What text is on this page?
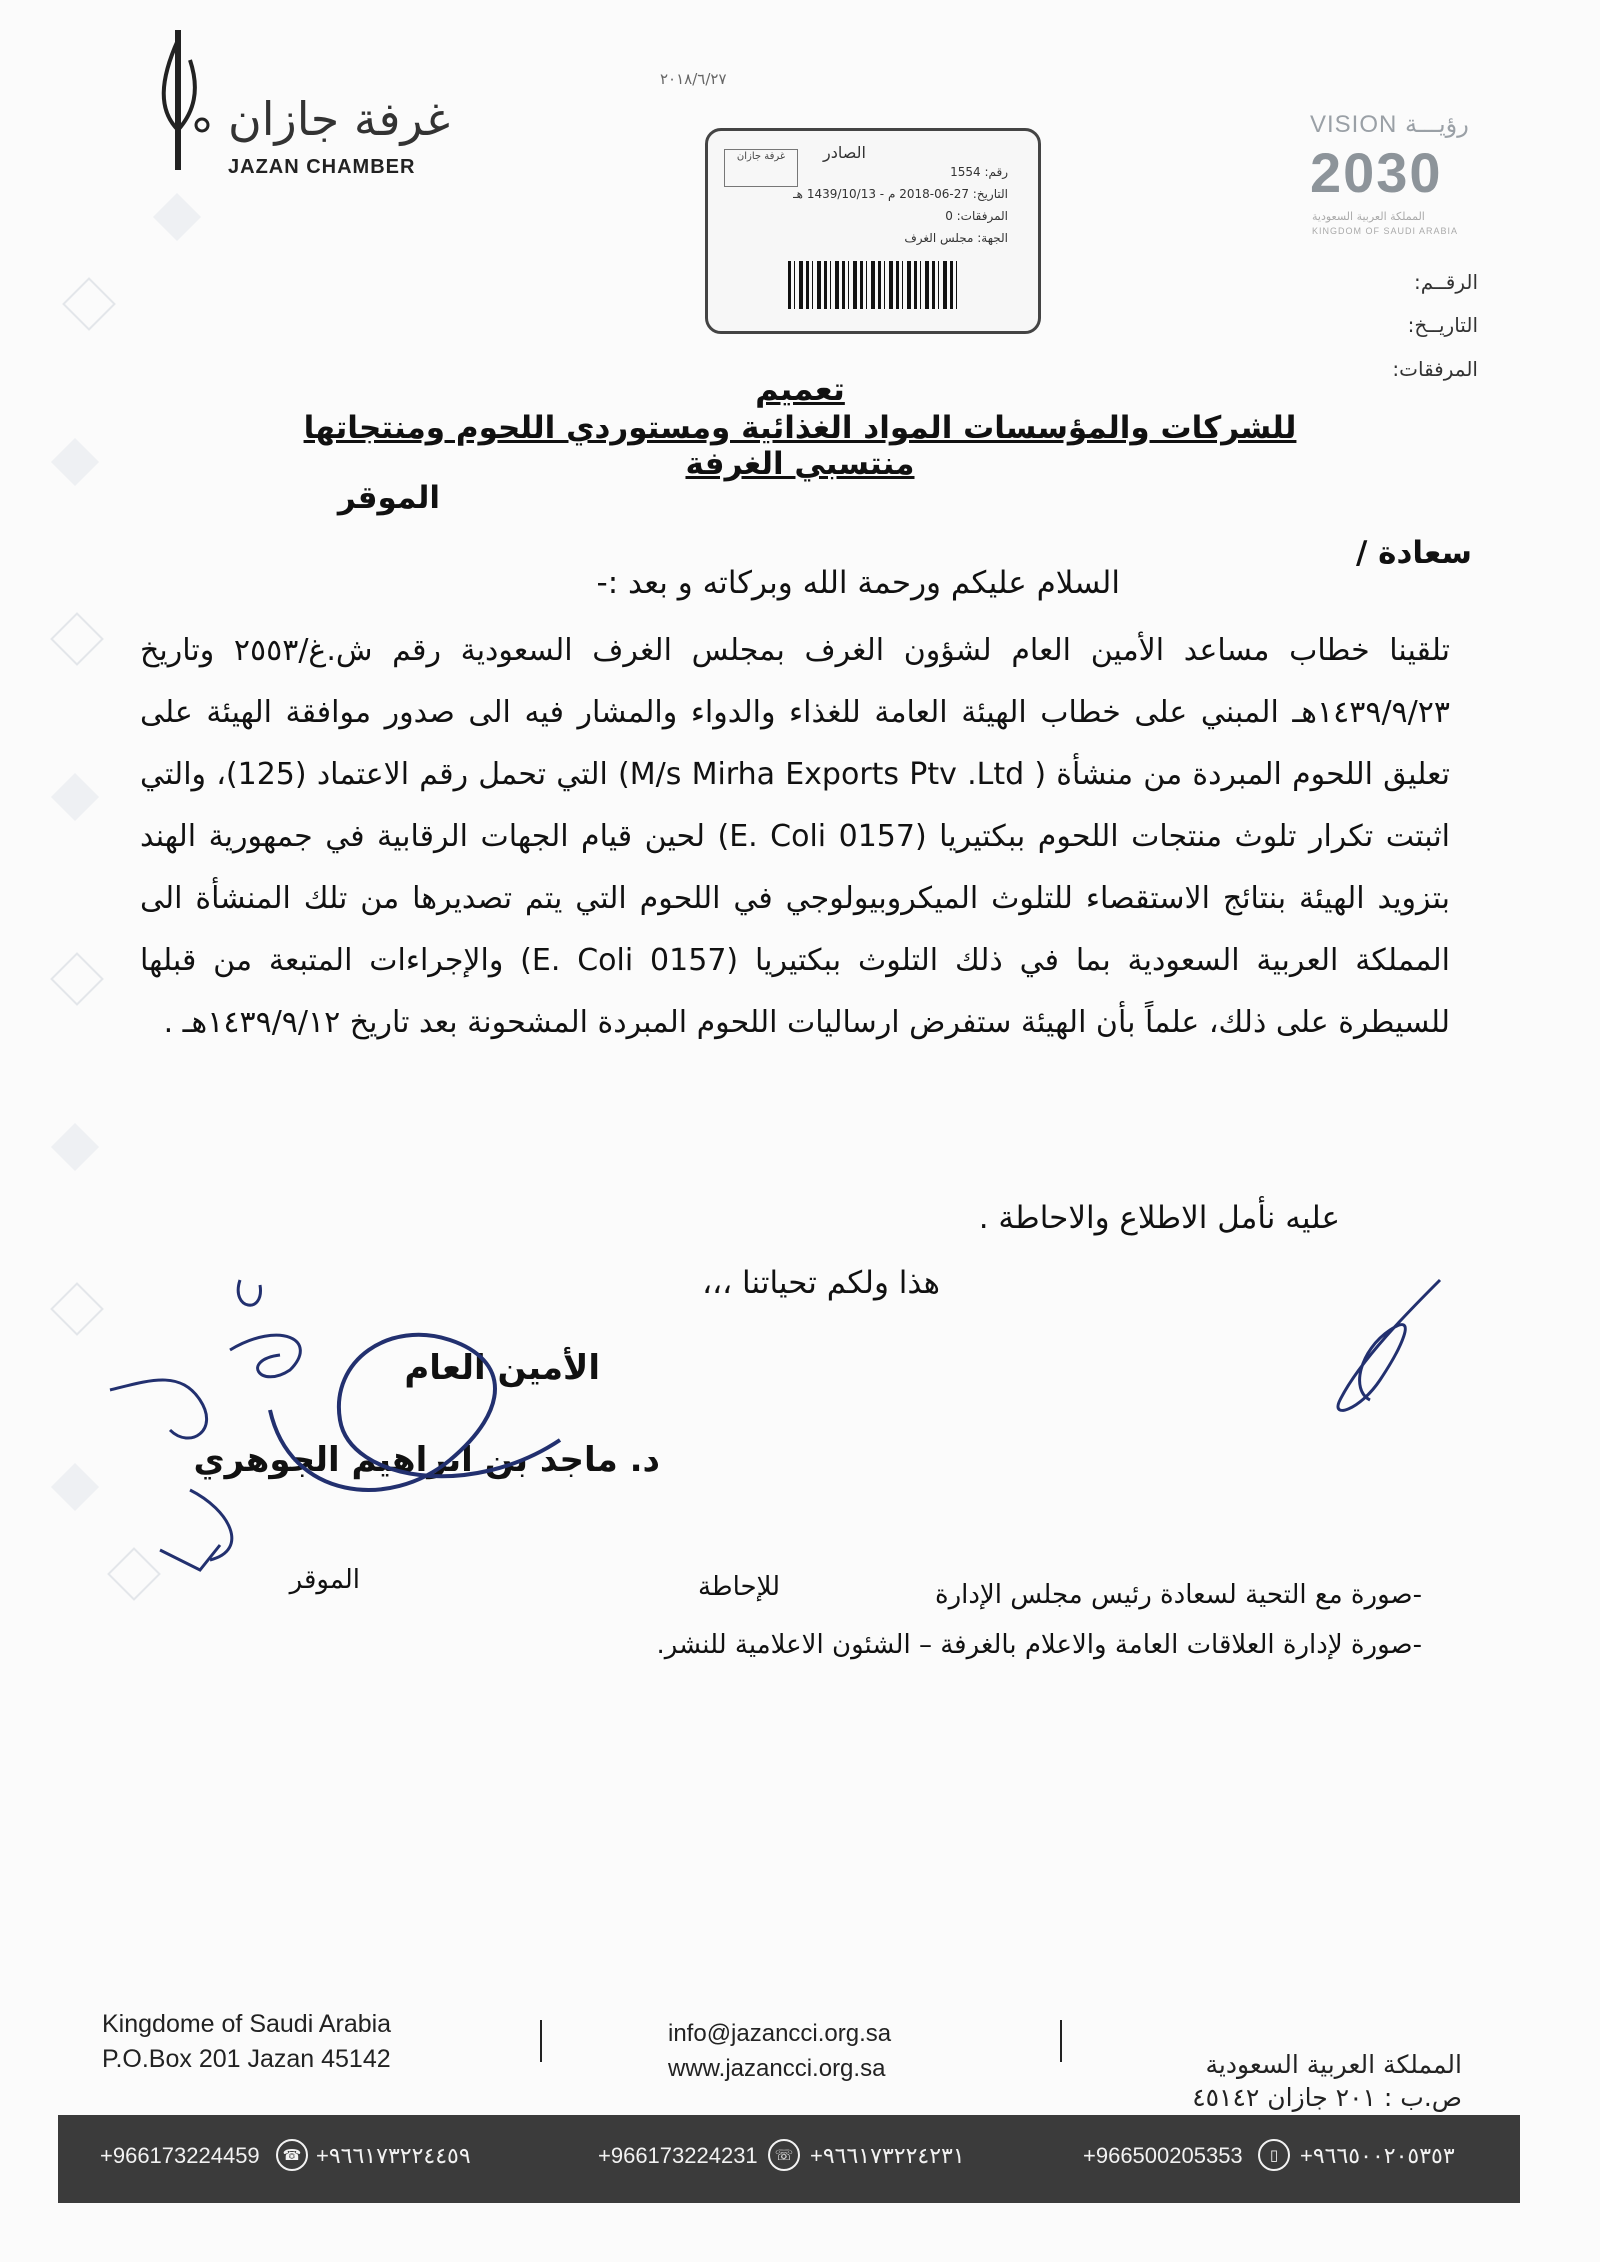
غرفة جازان
JAZAN CHAMBER
٢٠١٨/٦/٢٧
غرفة جازان	الصادر
رقم: 1554
التاريخ: 27-06-2018 م - 1439/10/13 هـ
المرفقات: 0
الجهة: مجلس الغرف
VISION رؤيـــة
2030
المملكة العربية السعودية
KINGDOM OF SAUDI ARABIA
الرقــم:
التاريــخ:
المرفقات:
تعميم
للشركات والمؤسسات المواد الغذائية ومستوردي اللحوم ومنتجاتها منتسبي الغرفة
الموقر
سعادة /
السلام عليكم ورحمة الله وبركاته و بعد :-
تلقينا خطاب مساعد الأمين العام لشؤون الغرف بمجلس الغرف السعودية رقم ش.غ/٢٥٥٣ وتاريخ ١٤٣٩/٩/٢٣هـ المبني على خطاب الهيئة العامة للغذاء والدواء والمشار فيه الى صدور موافقة الهيئة على تعليق اللحوم المبردة من منشأة ( M/s Mirha Exports Ptv .Ltd) التي تحمل رقم الاعتماد (125)، والتي اثبتت تكرار تلوث منتجات اللحوم ببكتيريا (E. Coli 0157) لحين قيام الجهات الرقابية في جمهورية الهند بتزويد الهيئة بنتائج الاستقصاء للتلوث الميكروبيولوجي في اللحوم التي يتم تصديرها من تلك المنشأة الى المملكة العربية السعودية بما في ذلك التلوث ببكتيريا (E. Coli 0157) والإجراءات المتبعة من قبلها للسيطرة على ذلك، علماً بأن الهيئة ستفرض ارساليات اللحوم المبردة المشحونة بعد تاريخ ١٤٣٩/٩/١٢هـ .
عليه نأمل الاطلاع والاحاطة .
هذا ولكم تحياتنا ،،،
الأمين العام
د. ماجد بن ابراهيم الجوهري
-صورة مع التحية لسعادة رئيس مجلس الإدارة
للإحاطة
الموقر
-صورة لإدارة العلاقات العامة والاعلام بالغرفة – الشئون الاعلامية للنشر.
Kingdome of Saudi Arabia
P.O.Box 201 Jazan 45142
info@jazancci.org.sa
www.jazancci.org.sa	المملكة العربية السعودية
ص.ب : ٢٠١ جازان ٤٥١٤٢
+966173224459	☎ +٩٦٦١٧٣٢٢٤٤٥٩	+966173224231	☏ +٩٦٦١٧٣٢٢٤٢٣١	+966500205353	▯ +٩٦٦٥٠٠٢٠٥٣٥٣
